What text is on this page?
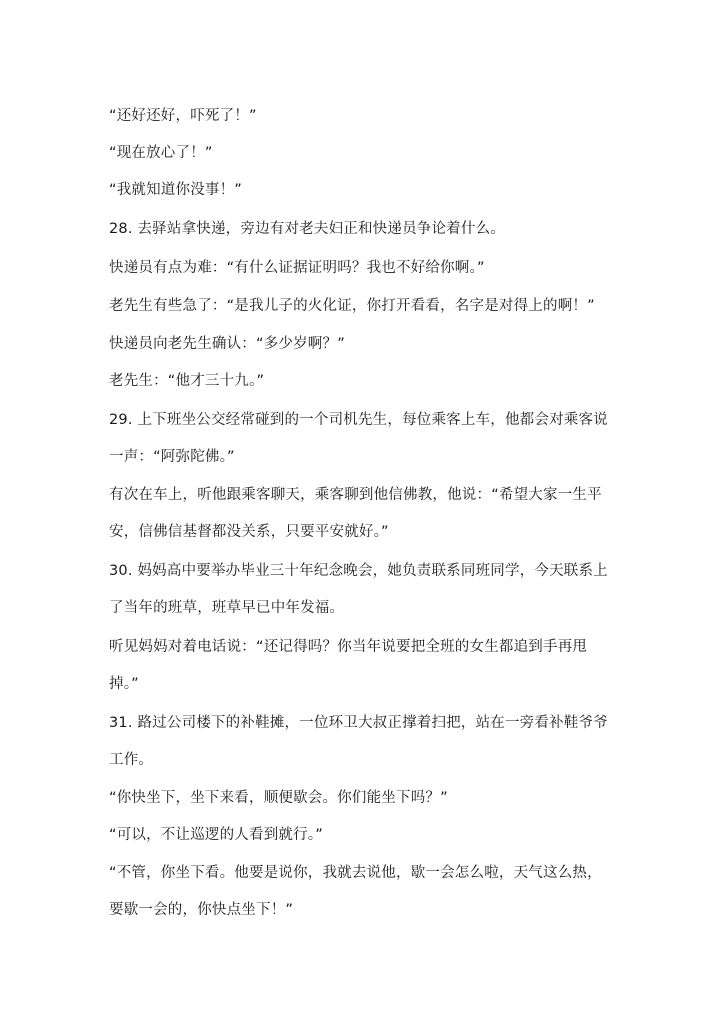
“还好还好，吓死了！”
“现在放心了！”
“我就知道你没事！”
28. 去驿站拿快递，旁边有对老夫妇正和快递员争论着什么。
快递员有点为难：“有什么证据证明吗？我也不好给你啊。”
老先生有些急了：“是我儿子的火化证，你打开看看，名字是对得上的啊！”
快递员向老先生确认：“多少岁啊？”
老先生：“他才三十九。”
29. 上下班坐公交经常碰到的一个司机先生，每位乘客上车，他都会对乘客说
一声：“阿弥陀佛。”
有次在车上，听他跟乘客聊天，乘客聊到他信佛教，他说：“希望大家一生平
安，信佛信基督都没关系，只要平安就好。”
30. 妈妈高中要举办毕业三十年纪念晚会，她负责联系同班同学，今天联系上
了当年的班草，班草早已中年发福。
听见妈妈对着电话说：“还记得吗？你当年说要把全班的女生都追到手再甩
掉。”
31. 路过公司楼下的补鞋摊，一位环卫大叔正撑着扫把，站在一旁看补鞋爷爷
工作。
“你快坐下，坐下来看，顺便歇会。你们能坐下吗？”
“可以，不让巡逻的人看到就行。”
“不管，你坐下看。他要是说你，我就去说他，歇一会怎么啦，天气这么热，
要歇一会的，你快点坐下！”
